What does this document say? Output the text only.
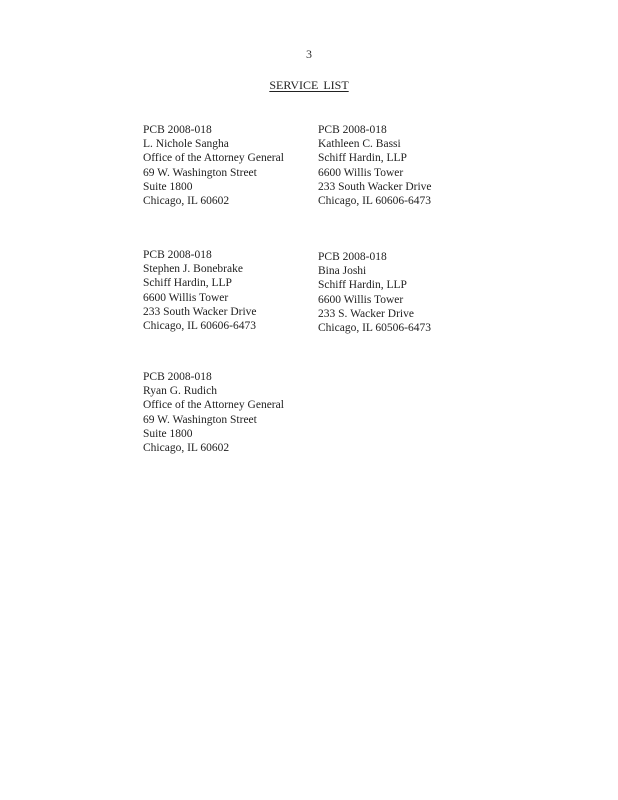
3
SERVICE LIST
PCB 2008-018
L. Nichole Sangha
Office of the Attorney General
69 W. Washington Street
Suite 1800
Chicago, IL 60602
PCB 2008-018
Kathleen C. Bassi
Schiff Hardin, LLP
6600 Willis Tower
233 South Wacker Drive
Chicago, IL 60606-6473
PCB 2008-018
Stephen J. Bonebrake
Schiff Hardin, LLP
6600 Willis Tower
233 South Wacker Drive
Chicago, IL 60606-6473
PCB 2008-018
Bina Joshi
Schiff Hardin, LLP
6600 Willis Tower
233 S. Wacker Drive
Chicago, IL 60506-6473
PCB 2008-018
Ryan G. Rudich
Office of the Attorney General
69 W. Washington Street
Suite 1800
Chicago, IL 60602
